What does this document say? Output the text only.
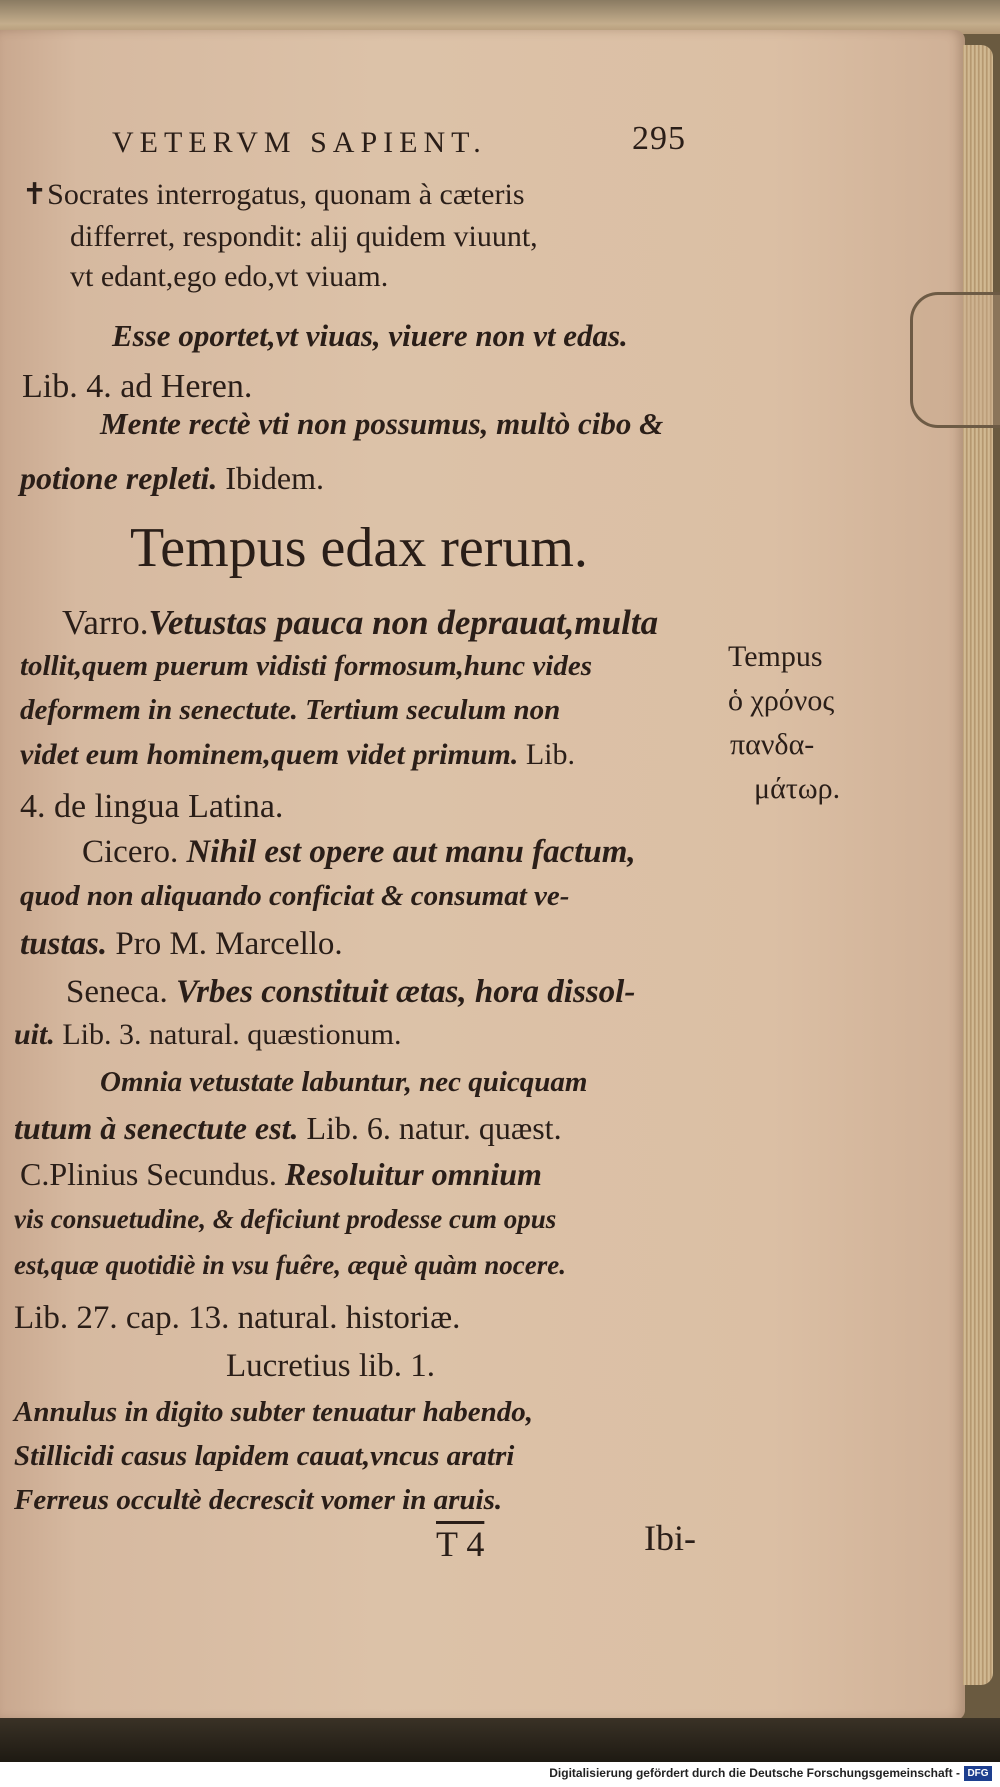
VETERVM SAPIENT.	295
✝Socrates interrogatus, quonam à cæteris
differret, respondit: alij quidem viuunt,
vt edant,ego edo,vt viuam.
Esse oportet,vt viuas, viuere non vt edas.
Lib. 4. ad Heren.
Mente rectè vti non possumus, multò cibo &
potione repleti. Ibidem.
Tempus edax rerum.
Varro.Vetustas pauca non deprauat,multa
tollit,quem puerum vidisti formosum,hunc vides
deformem in senectute. Tertium seculum non
videt eum hominem,quem videt primum. Lib.
4. de lingua Latina.
Cicero. Nihil est opere aut manu factum,
quod non aliquando conficiat & consumat ve-
tustas. Pro M. Marcello.
Seneca. Vrbes constituit ætas, hora dissol-
uit. Lib. 3. natural. quæstionum.
Omnia vetustate labuntur, nec quicquam
tutum à senectute est. Lib. 6. natur. quæst.
C.Plinius Secundus. Resoluitur omnium
vis consuetudine, & deficiunt prodesse cum opus
est,quæ quotidiè in vsu fuêre, æquè quàm nocere.
Lib. 27. cap. 13. natural. historiæ.
Lucretius lib. 1.
Annulus in digito subter tenuatur habendo,
Stillicidi casus lapidem cauat,vncus aratri
Ferreus occultè decrescit vomer in aruis.
T 4	Ibi-
Tempus
ὁ χρόνος
πανδα-
μάτωρ.
Digitalisierung gefördert durch die Deutsche Forschungsgemeinschaft - DFG
